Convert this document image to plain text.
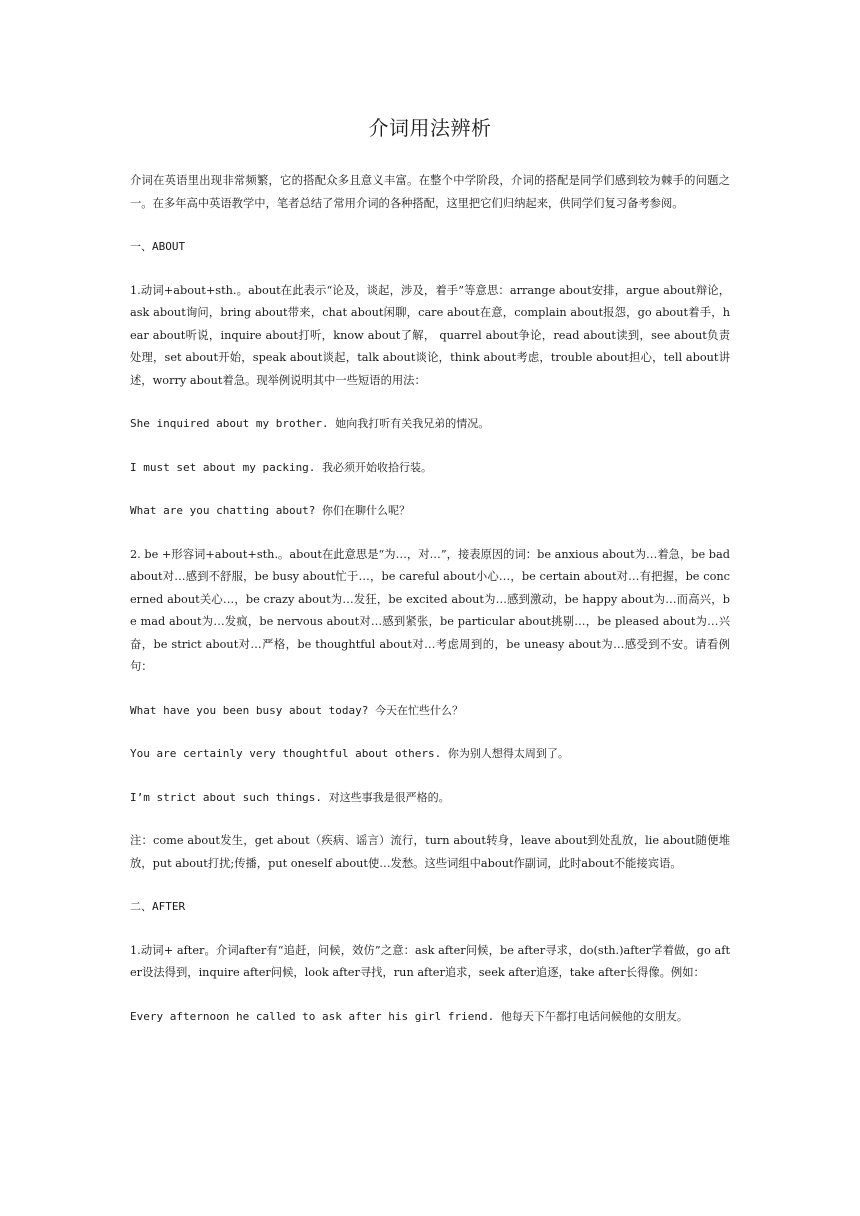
介词用法辨析

介词在英语里出现非常频繁，它的搭配众多且意义丰富。在整个中学阶段，介词的搭配是同学们感到较为棘手的问题之一。在多年高中英语教学中，笔者总结了常用介词的各种搭配，这里把它们归纳起来，供同学们复习备考参阅。

一、ABOUT

1.动词+about+sth.。about在此表示“论及，谈起，涉及，着手”等意思：arrange about安排，argue about辩论，ask about询问，bring about带来，chat about闲聊，care about在意，complain about报怨，go about着手，hear about听说，inquire about打听，know about了解， quarrel about争论，read about读到，see about负责处理，set about开始，speak about谈起，talk about谈论，think about考虑，trouble about担心，tell about讲述，worry about着急。现举例说明其中一些短语的用法：

She inquired about my brother. 她向我打听有关我兄弟的情况。

I must set about my packing. 我必须开始收拾行装。

What are you chatting about? 你们在聊什么呢？

2. be +形容词+about+sth.。about在此意思是“为…，对…”，接表原因的词：be anxious about为…着急，be bad about对…感到不舒服，be busy about忙于…，be careful about小心…，be certain about对…有把握，be concerned about关心…，be crazy about为…发狂，be excited about为…感到激动，be happy about为…而高兴，be mad about为…发疯，be nervous about对…感到紧张，be particular about挑剔…，be pleased about为…兴奋，be strict about对…严格，be thoughtful about对…考虑周到的，be uneasy about为…感受到不安。请看例句：

What have you been busy about today? 今天在忙些什么？

You are certainly very thoughtful about others. 你为别人想得太周到了。

I’m strict about such things. 对这些事我是很严格的。

注：come about发生，get about（疾病、谣言）流行，turn about转身，leave about到处乱放，lie about随便堆放，put about打扰;传播，put oneself about使…发愁。这些词组中about作副词，此时about不能接宾语。

二、AFTER

1.动词+ after。介词after有“追赶，问候，效仿”之意：ask after问候，be after寻求，do(sth.)after学着做，go after设法得到，inquire after问候，look after寻找，run after追求，seek after追逐，take after长得像。例如：

Every afternoon he called to ask after his girl friend. 他每天下午都打电话问候他的女朋友。
